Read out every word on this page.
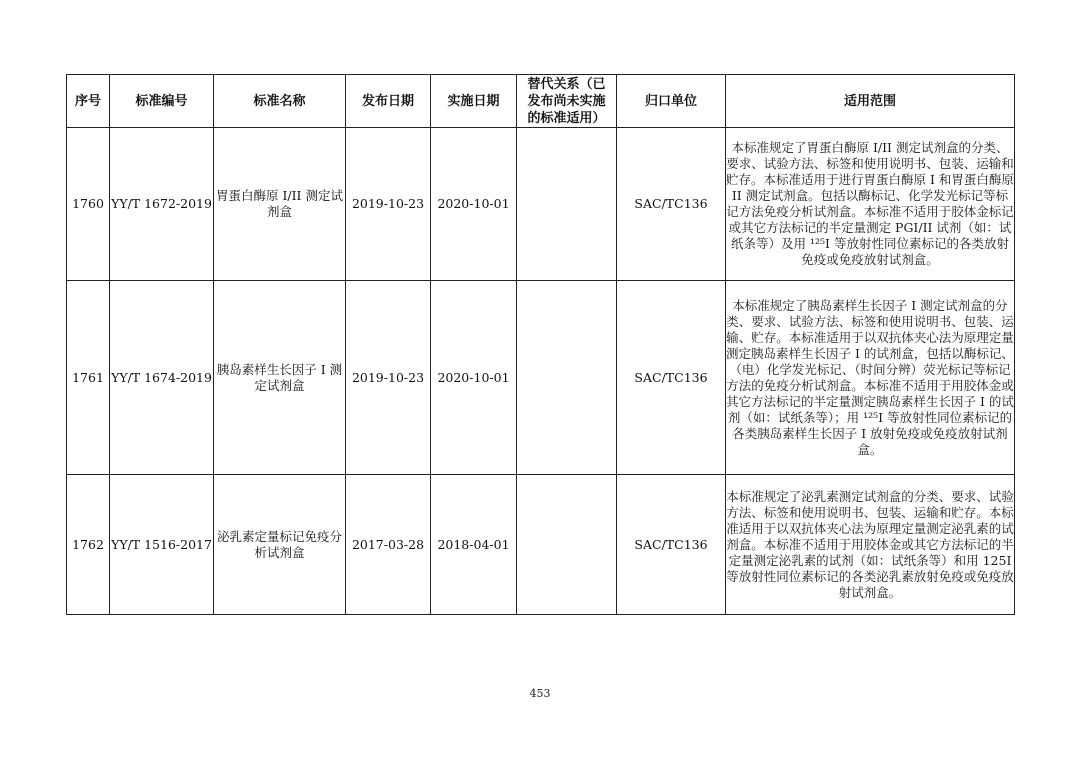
序号	标准编号	标准名称	发布日期	实施日期	替代关系（已发布尚未实施的标准适用）	归口单位	适用范围
1760	YY/T 1672-2019	胃蛋白酶原 I/II 测定试剂盒	2019-10-23	2020-10-01		SAC/TC136	本标准规定了胃蛋白酶原 I/II 测定试剂盒的分类、要求、试验方法、标签和使用说明书、包装、运输和贮存。本标准适用于进行胃蛋白酶原 I 和胃蛋白酶原 II 测定试剂盒。包括以酶标记、化学发光标记等标记方法免疫分析试剂盒。本标准不适用于胶体金标记或其它方法标记的半定量测定 PGI/II 试剂（如：试纸条等）及用 ¹²⁵I 等放射性同位素标记的各类放射免疫或免疫放射试剂盒。
1761	YY/T 1674-2019	胰岛素样生长因子 I 测定试剂盒	2019-10-23	2020-10-01		SAC/TC136	本标准规定了胰岛素样生长因子 I 测定试剂盒的分类、要求、试验方法、标签和使用说明书、包装、运输、贮存。本标准适用于以双抗体夹心法为原理定量测定胰岛素样生长因子 I 的试剂盒，包括以酶标记、（电）化学发光标记、（时间分辨）荧光标记等标记方法的免疫分析试剂盒。本标准不适用于用胶体金或其它方法标记的半定量测定胰岛素样生长因子 I 的试剂（如：试纸条等）；用 ¹²⁵I 等放射性同位素标记的各类胰岛素样生长因子 I 放射免疫或免疫放射试剂盒。
1762	YY/T 1516-2017	泌乳素定量标记免疫分析试剂盒	2017-03-28	2018-04-01		SAC/TC136	本标准规定了泌乳素测定试剂盒的分类、要求、试验方法、标签和使用说明书、包装、运输和贮存。本标准适用于以双抗体夹心法为原理定量测定泌乳素的试剂盒。本标准不适用于用胶体金或其它方法标记的半定量测定泌乳素的试剂（如：试纸条等）和用 125I 等放射性同位素标记的各类泌乳素放射免疫或免疫放射试剂盒。
453
